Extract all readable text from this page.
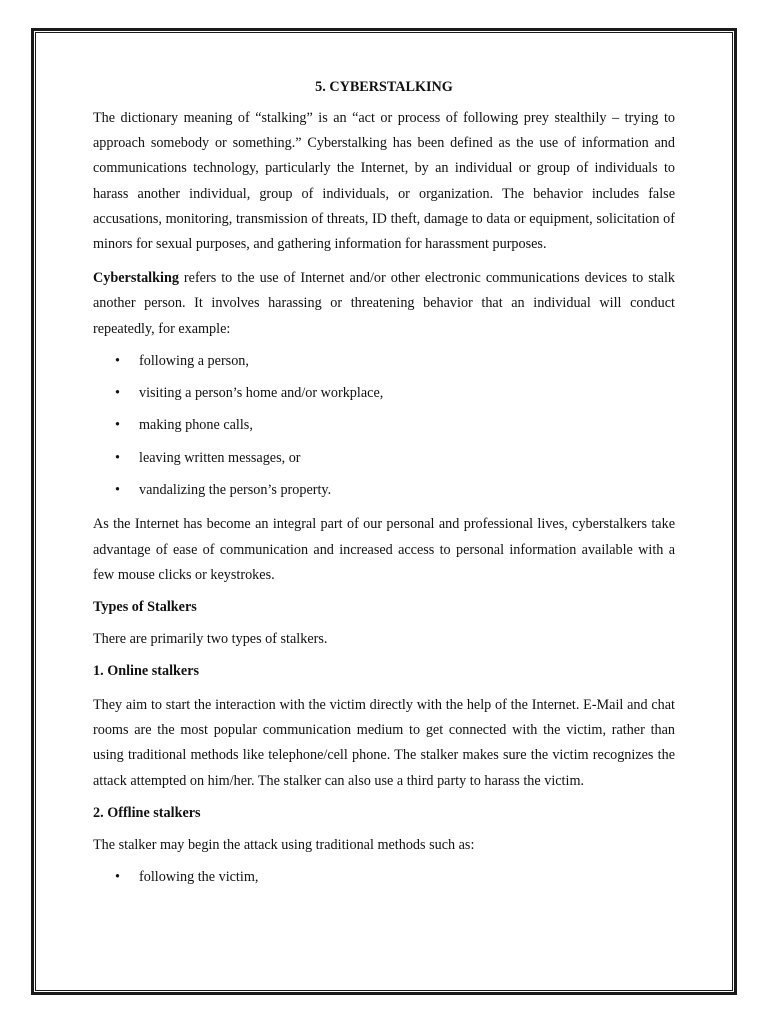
5. CYBERSTALKING

The dictionary meaning of “stalking” is an “act or process of following prey stealthily – trying to approach somebody or something.” Cyberstalking has been defined as the use of information and communications technology, particularly the Internet, by an individual or group of individuals to harass another individual, group of individuals, or organization. The behavior includes false accusations, monitoring, transmission of threats, ID theft, damage to data or equipment, solicitation of minors for sexual purposes, and gathering information for harassment purposes.

Cyberstalking refers to the use of Internet and/or other electronic communications devices to stalk another person. It involves harassing or threatening behavior that an individual will conduct repeatedly, for example:

• following a person,
• visiting a person’s home and/or workplace,
• making phone calls,
• leaving written messages, or
• vandalizing the person’s property.

As the Internet has become an integral part of our personal and professional lives, cyberstalkers take advantage of ease of communication and increased access to personal information available with a few mouse clicks or keystrokes.

Types of Stalkers

There are primarily two types of stalkers.

1. Online stalkers

They aim to start the interaction with the victim directly with the help of the Internet. E-Mail and chat rooms are the most popular communication medium to get connected with the victim, rather than using traditional methods like telephone/cell phone. The stalker makes sure the victim recognizes the attack attempted on him/her. The stalker can also use a third party to harass the victim.

2. Offline stalkers

The stalker may begin the attack using traditional methods such as:

• following the victim,
